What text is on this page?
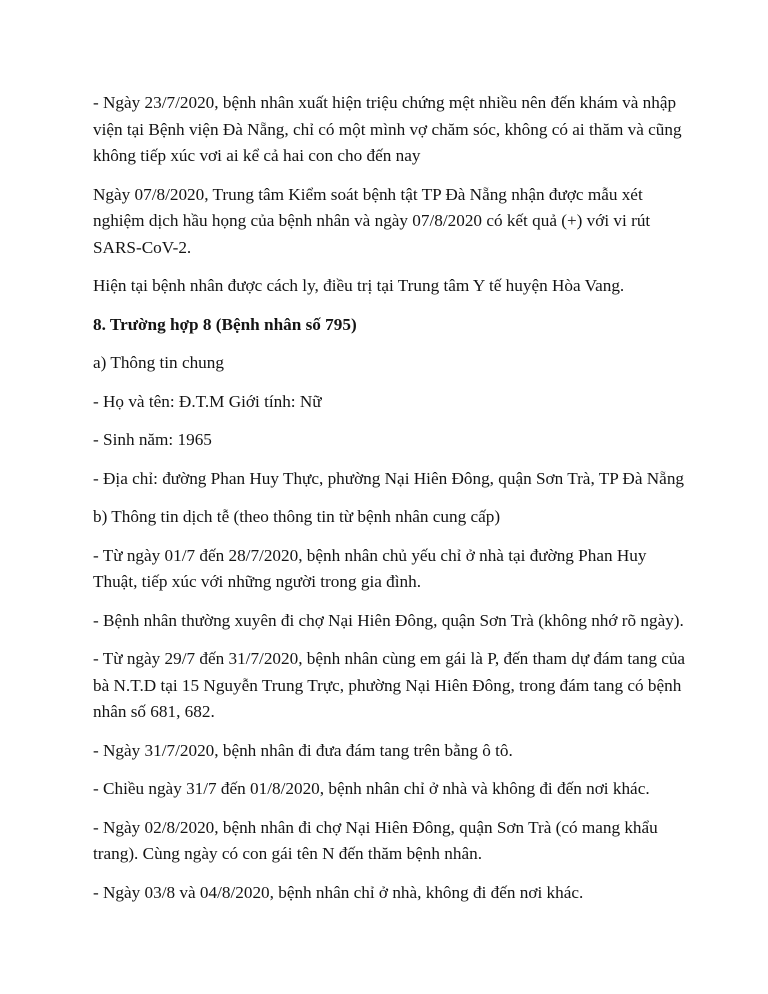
- Ngày 23/7/2020, bệnh nhân xuất hiện triệu chứng mệt nhiều nên đến khám và nhập viện tại Bệnh viện Đà Nẵng, chỉ có một mình vợ chăm sóc, không có ai thăm và cũng không tiếp xúc vơi ai kể cả hai con cho đến nay

Ngày 07/8/2020, Trung tâm Kiểm soát bệnh tật TP Đà Nẵng nhận được mẫu xét nghiệm dịch hầu họng của bệnh nhân và ngày 07/8/2020 có kết quả (+) với vi rút SARS-CoV-2.

Hiện tại bệnh nhân được cách ly, điều trị tại Trung tâm Y tế huyện Hòa Vang.

8. Trường hợp 8 (Bệnh nhân số 795)

a) Thông tin chung

- Họ và tên: Đ.T.M Giới tính: Nữ

- Sinh năm: 1965

- Địa chỉ: đường Phan Huy Thực, phường Nại Hiên Đông, quận Sơn Trà, TP Đà Nẵng

b) Thông tin dịch tễ (theo thông tin từ bệnh nhân cung cấp)

- Từ ngày 01/7 đến 28/7/2020, bệnh nhân chủ yếu chỉ ở nhà tại đường Phan Huy Thuật, tiếp xúc với những người trong gia đình.

- Bệnh nhân thường xuyên đi chợ Nại Hiên Đông, quận Sơn Trà (không nhớ rõ ngày).

- Từ ngày 29/7 đến 31/7/2020, bệnh nhân cùng em gái là P, đến tham dự đám tang của bà N.T.D tại 15 Nguyễn Trung Trực, phường Nại Hiên Đông, trong đám tang có bệnh nhân số 681, 682.

- Ngày 31/7/2020, bệnh nhân đi đưa đám tang trên bằng ô tô.

- Chiều ngày 31/7 đến 01/8/2020, bệnh nhân chỉ ở nhà và không đi đến nơi khác.

- Ngày 02/8/2020, bệnh nhân đi chợ Nại Hiên Đông, quận Sơn Trà (có mang khẩu trang). Cùng ngày có con gái tên N đến thăm bệnh nhân.

- Ngày 03/8 và 04/8/2020, bệnh nhân chỉ ở nhà, không đi đến nơi khác.
